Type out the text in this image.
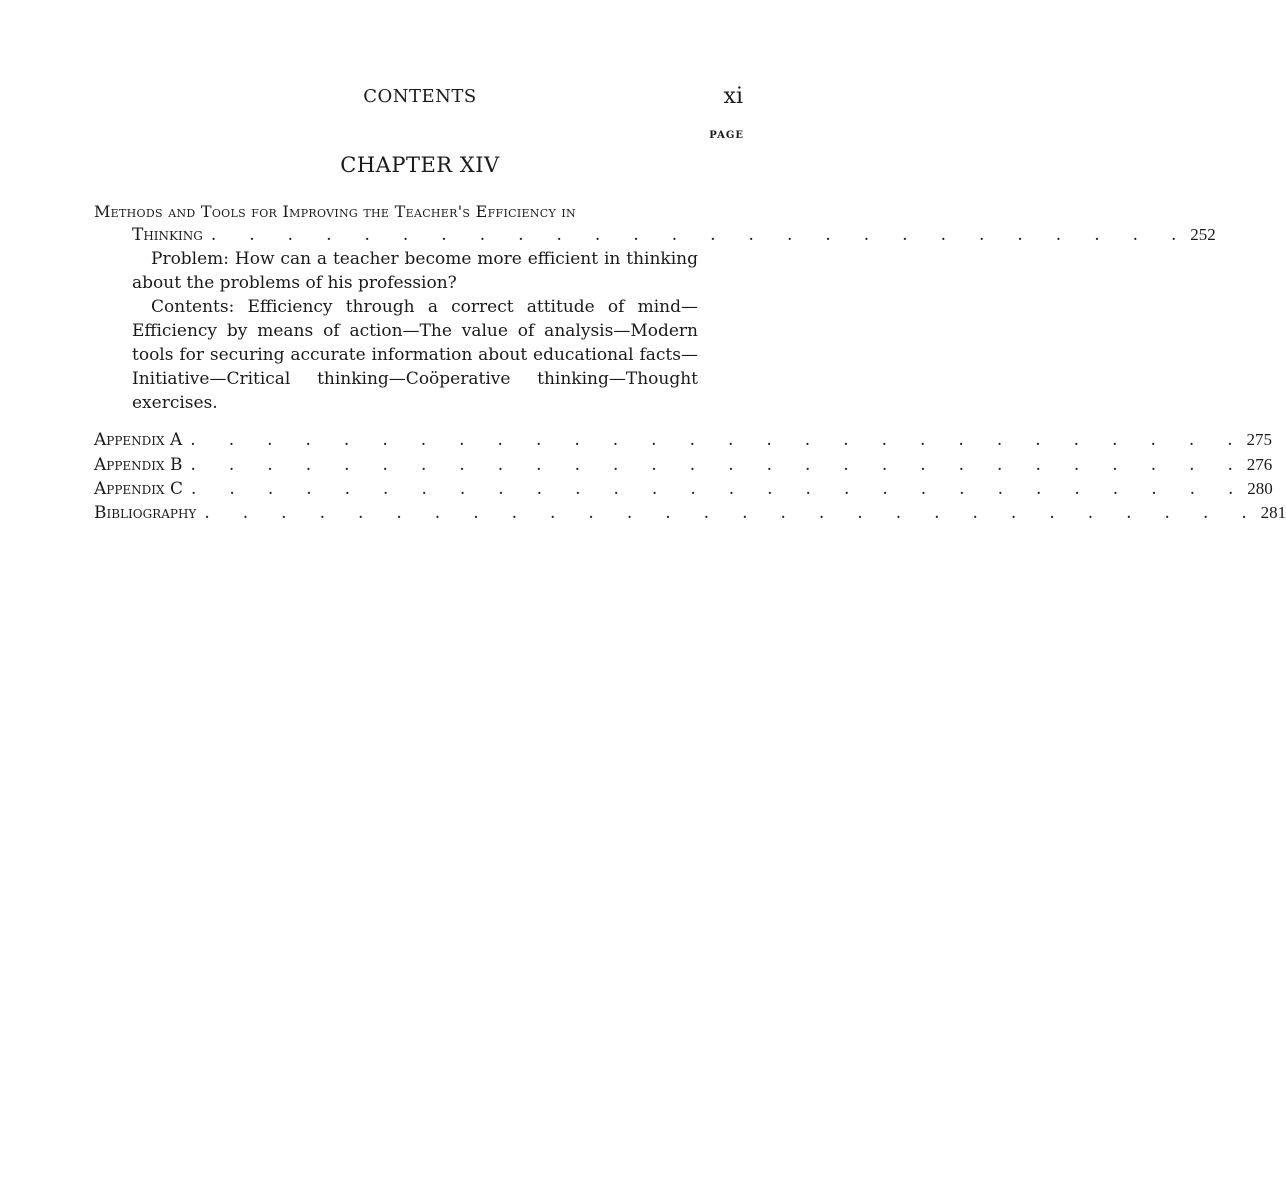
CONTENTS	xi
PAGE
CHAPTER XIV
Methods and Tools for Improving the Teacher's Efficiency in
Thinking . . . . . . . . . . . . . . . . . . . . . . . . . . 252

Problem: How can a teacher become more efficient in thinking about the problems of his profession?

Contents: Efficiency through a correct attitude of mind—Efficiency by means of action—The value of analysis—Modern tools for securing accurate information about educational facts—Initiative—Critical thinking—Coöperative thinking—Thought exercises.

Appendix A . . . . . . . . . . . . . . . . . . . . . . . . . . . . 275
Appendix B . . . . . . . . . . . . . . . . . . . . . . . . . . . . 276
Appendix C . . . . . . . . . . . . . . . . . . . . . . . . . . . . 280
Bibliography . . . . . . . . . . . . . . . . . . . . . . . . . . . . 281
